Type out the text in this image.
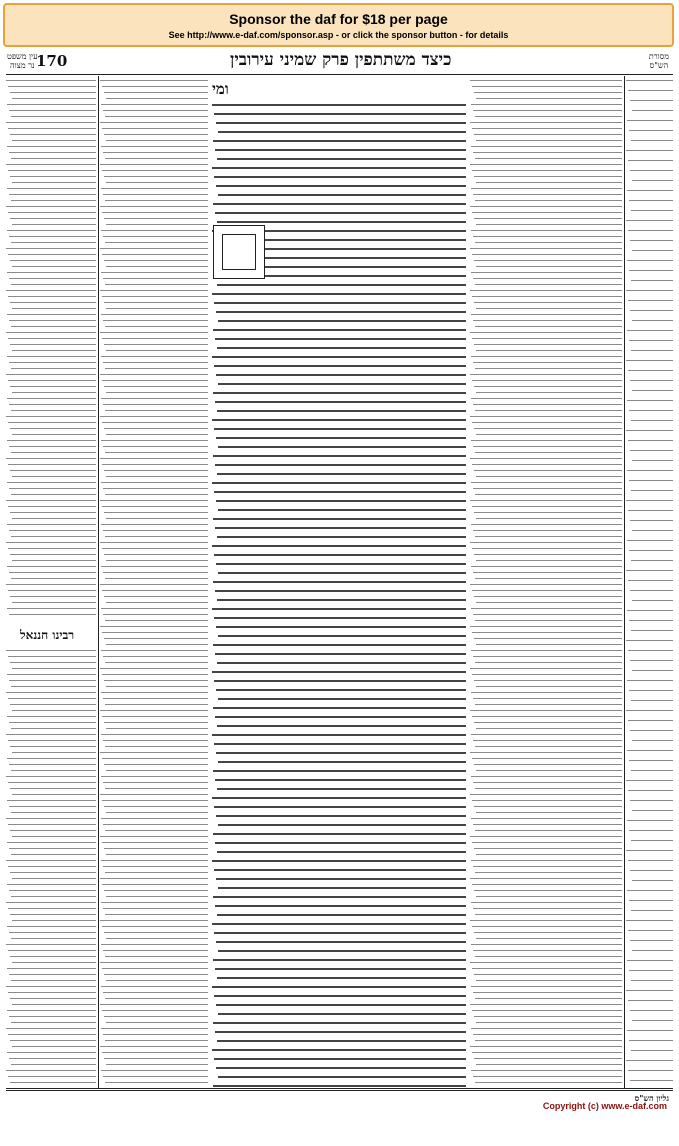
Sponsor the daf for $18 per page
See http://www.e-daf.com/sponsor.asp - or click the sponsor button - for details
עין משפט
נר מצוה 170	כיצד משתתפין פרק שמיני עירובין	מסורת
הש"ס
רבינו חננאל
ומי
גליון הש"ס
Copyright (c) www.e-daf.com
